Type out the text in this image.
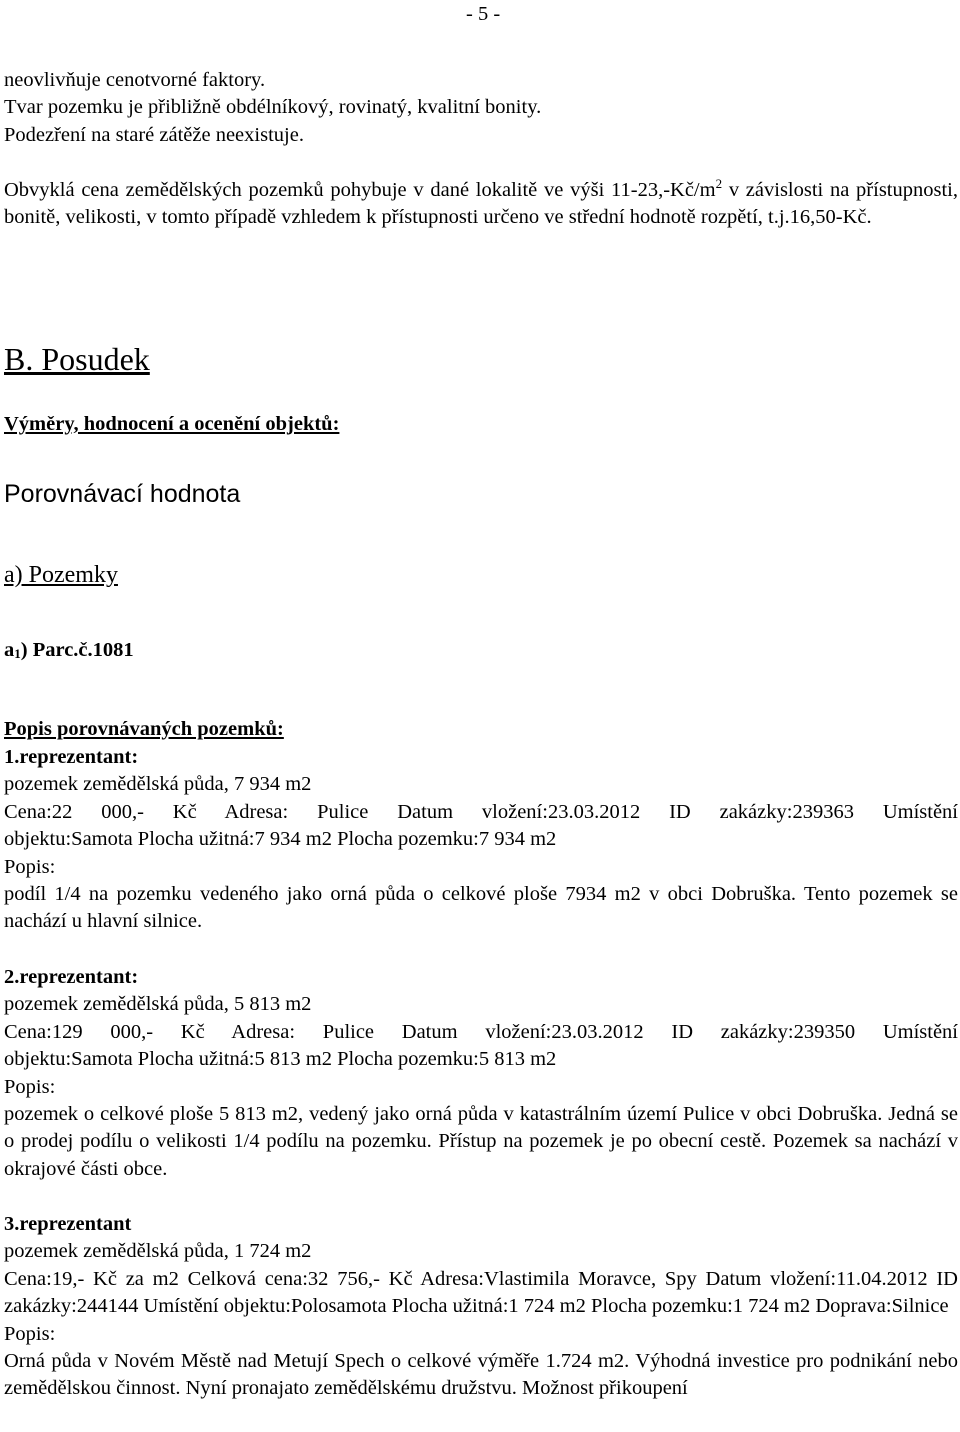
- 5 -
neovlivňuje cenotvorné faktory.
Tvar pozemku je přibližně obdélníkový, rovinatý, kvalitní bonity.
Podezření na staré zátěže neexistuje.
Obvyklá cena zemědělských pozemků pohybuje v dané lokalitě ve výši $11-23,-Kč/m^2$ v závislosti na přístupnosti, bonitě, velikosti, v tomto případě vzhledem k přístupnosti určeno ve střední hodnotě rozpětí, t.j.16,50-Kč.
B. Posudek
Výměry, hodnocení a ocenění objektů:
Porovnávací hodnota
a) Pozemky
$a_1$) Parc.č.1081
Popis porovnávaných pozemků:
1.reprezentant:
pozemek zemědělská půda, 7 934 m2
Cena:22 000,- Kč Adresa: Pulice Datum vložení:23.03.2012 ID zakázky:239363 Umístění
objektu:Samota Plocha užitná:7 934 m2 Plocha pozemku:7 934 m2
Popis:
podíl 1/4 na pozemku vedeného jako orná půda o celkové ploše 7934 m2 v obci Dobruška. Tento pozemek se nachází u hlavní silnice.
2.reprezentant:
pozemek zemědělská půda, 5 813 m2
Cena:129 000,- Kč Adresa: Pulice Datum vložení:23.03.2012 ID zakázky:239350 Umístění
objektu:Samota Plocha užitná:5 813 m2 Plocha pozemku:5 813 m2
Popis:
pozemek o celkové ploše 5 813 m2, vedený jako orná půda v katastrálním území Pulice v obci Dobruška. Jedná se o prodej podílu o velikosti 1/4 podílu na pozemku. Přístup na pozemek je po obecní cestě. Pozemek sa nachází v okrajové části obce.
3.reprezentant
pozemek zemědělská půda, 1 724 m2
Cena:19,- Kč za m2 Celková cena:32 756,- Kč Adresa:Vlastimila Moravce, Spy Datum vložení:11.04.2012 ID zakázky:244144 Umístění objektu:Polosamota Plocha užitná:1 724 m2 Plocha pozemku:1 724 m2 Doprava:Silnice
Popis:
Orná půda v Novém Městě nad Metují Spech o celkové výměře 1.724 m2. Výhodná investice pro podnikání nebo zemědělskou činnost. Nyní pronajato zemědělskému družstvu. Možnost přikoupení
